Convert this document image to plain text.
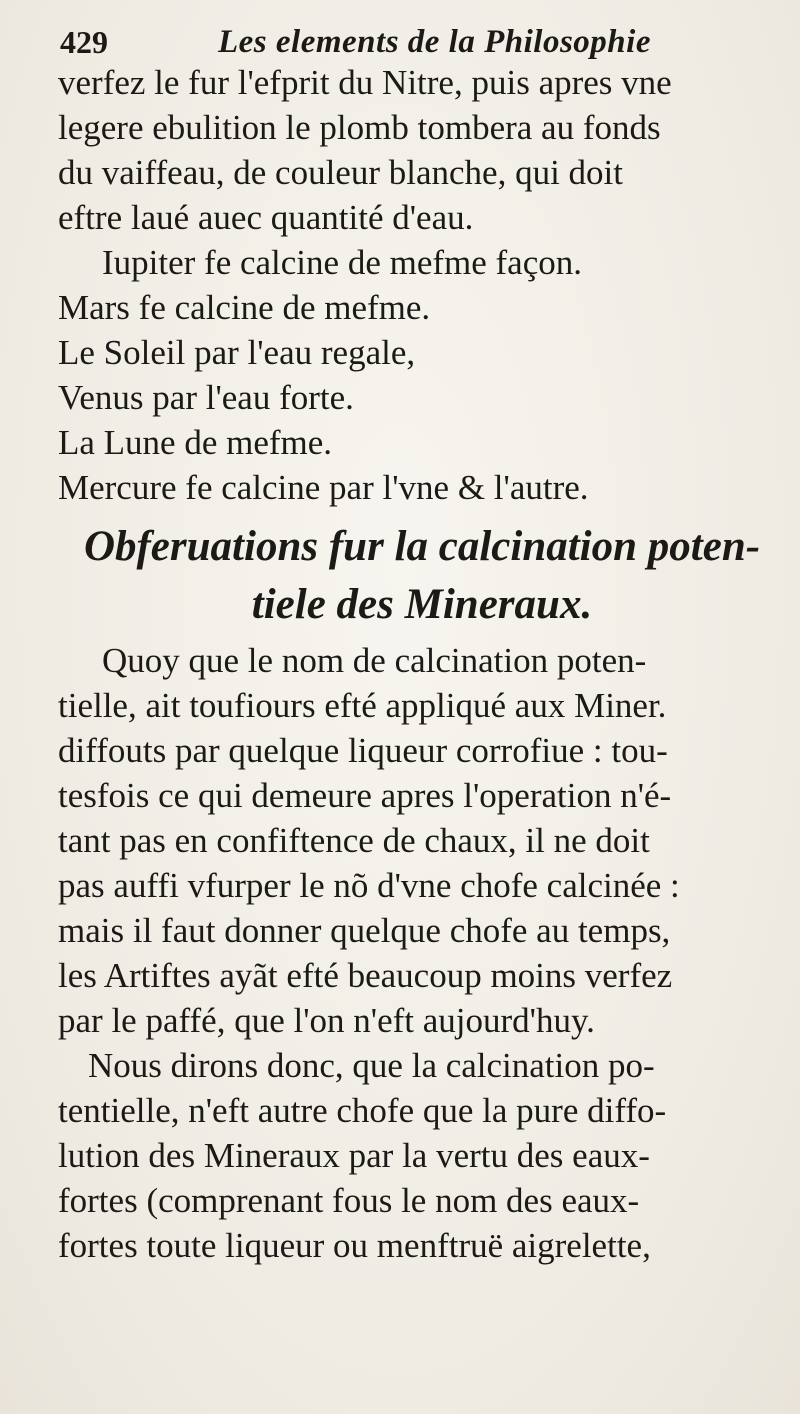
429	Les elements de la Philosophie
verfez le fur l'efprit du Nitre, puis apres vne
legere ebulition le plomb tombera au fonds
du vaiffeau, de couleur blanche, qui doit
eftre laué auec quantité d'eau.
Iupiter fe calcine de mefme façon.
Mars fe calcine de mefme.
Le Soleil par l'eau regale,
Venus par l'eau forte.
La Lune de mefme.
Mercure fe calcine par l'vne & l'autre.
Obferuations fur la calcination poten-
tiele des Mineraux.
Quoy que le nom de calcination poten-
tielle, ait toufiours efté appliqué aux Miner.
diffouts par quelque liqueur corrofiue : tou-
tesfois ce qui demeure apres l'operation n'é-
tant pas en confiftence de chaux, il ne doit
pas auffi vfurper le nõ d'vne chofe calcinée :
mais il faut donner quelque chofe au temps,
les Artiftes ayãt efté beaucoup moins verfez
par le paffé, que l'on n'eft aujourd'huy.
Nous dirons donc, que la calcination po-
tentielle, n'eft autre chofe que la pure diffo-
lution des Mineraux par la vertu des eaux-
fortes (comprenant fous le nom des eaux-
fortes toute liqueur ou menftruë aigrelette,
